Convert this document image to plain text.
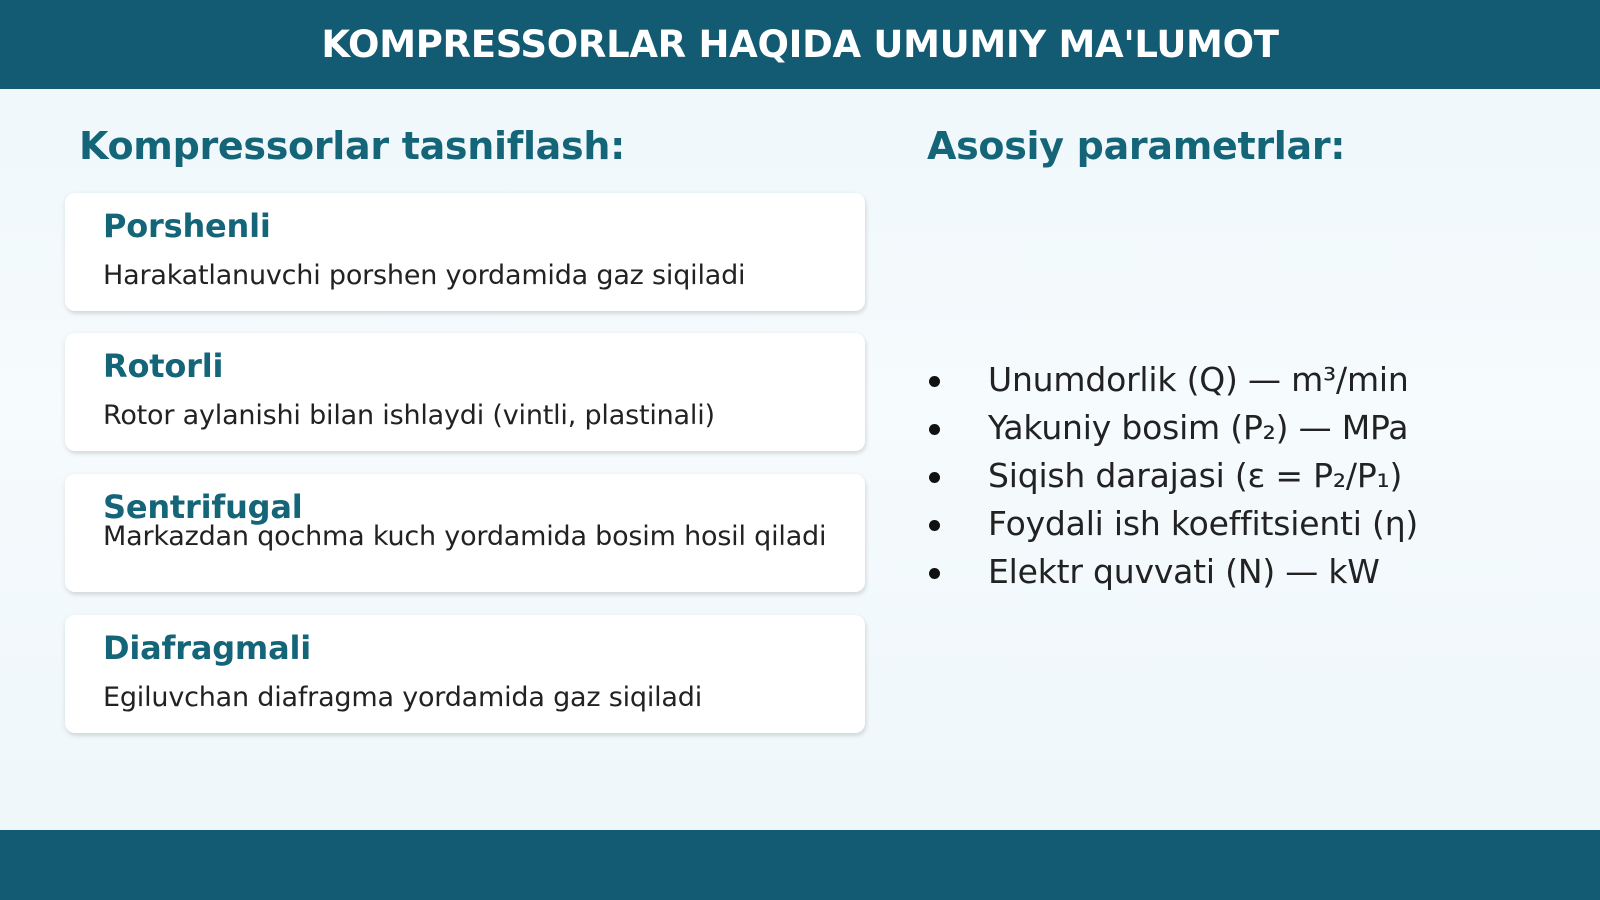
KOMPRESSORLAR HAQIDA UMUMIY MA'LUMOT
Kompressorlar tasniflash:	Asosiy parametrlar:
Porshenli
Harakatlanuvchi porshen yordamida gaz siqiladi
Rotorli
Rotor aylanishi bilan ishlaydi (vintli, plastinali)
Sentrifugal
Markazdan qochma kuch yordamida bosim hosil qiladi
Diafragmali
Egiluvchan diafragma yordamida gaz siqiladi
Unumdorlik (Q) — m³/min
Yakuniy bosim (P₂) — MPa
Siqish darajasi (ε = P₂/P₁)
Foydali ish koeffitsienti (η)
Elektr quvvati (N) — kW
